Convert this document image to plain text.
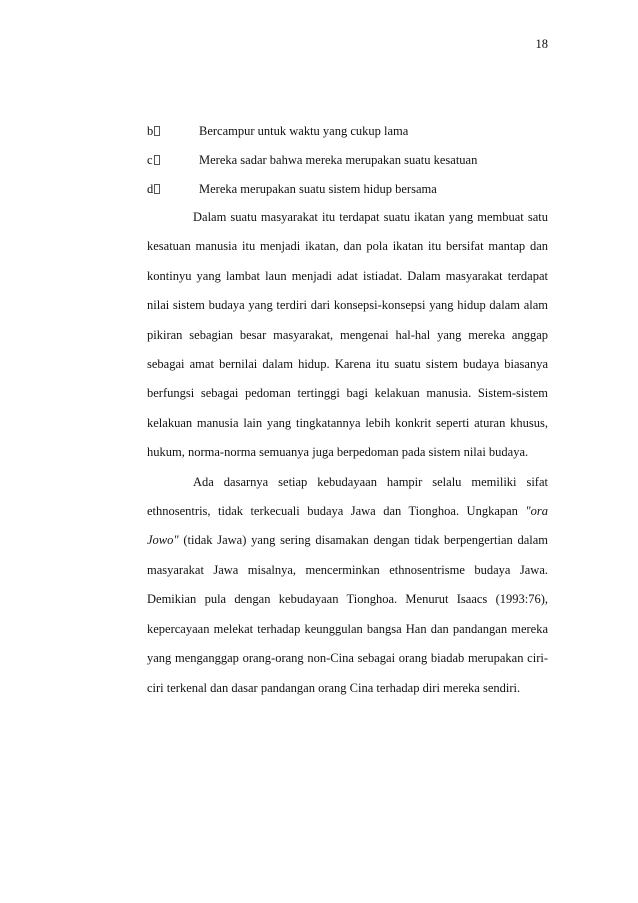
18
b	Bercampur untuk waktu yang cukup lama
c	Mereka sadar bahwa mereka merupakan suatu kesatuan
d	Mereka merupakan suatu sistem hidup bersama

Dalam suatu masyarakat itu terdapat suatu ikatan yang membuat satu kesatuan manusia itu menjadi ikatan, dan pola ikatan itu bersifat mantap dan kontinyu yang lambat laun menjadi adat istiadat. Dalam masyarakat terdapat nilai sistem budaya yang terdiri dari konsepsi-konsepsi yang hidup dalam alam pikiran sebagian besar masyarakat, mengenai hal-hal yang mereka anggap sebagai amat bernilai dalam hidup. Karena itu suatu sistem budaya biasanya berfungsi sebagai pedoman tertinggi bagi kelakuan manusia. Sistem-sistem kelakuan manusia lain yang tingkatannya lebih konkrit seperti aturan khusus, hukum, norma-norma semuanya juga berpedoman pada sistem nilai budaya.

Ada dasarnya setiap kebudayaan hampir selalu memiliki sifat ethnosentris, tidak terkecuali budaya Jawa dan Tionghoa. Ungkapan "ora Jowo" (tidak Jawa) yang sering disamakan dengan tidak berpengertian dalam masyarakat Jawa misalnya, mencerminkan ethnosentrisme budaya Jawa. Demikian pula dengan kebudayaan Tionghoa. Menurut Isaacs (1993:76), kepercayaan melekat terhadap keunggulan bangsa Han dan pandangan mereka yang menganggap orang-orang non-Cina sebagai orang biadab merupakan ciri-ciri terkenal dan dasar pandangan orang Cina terhadap diri mereka sendiri.
